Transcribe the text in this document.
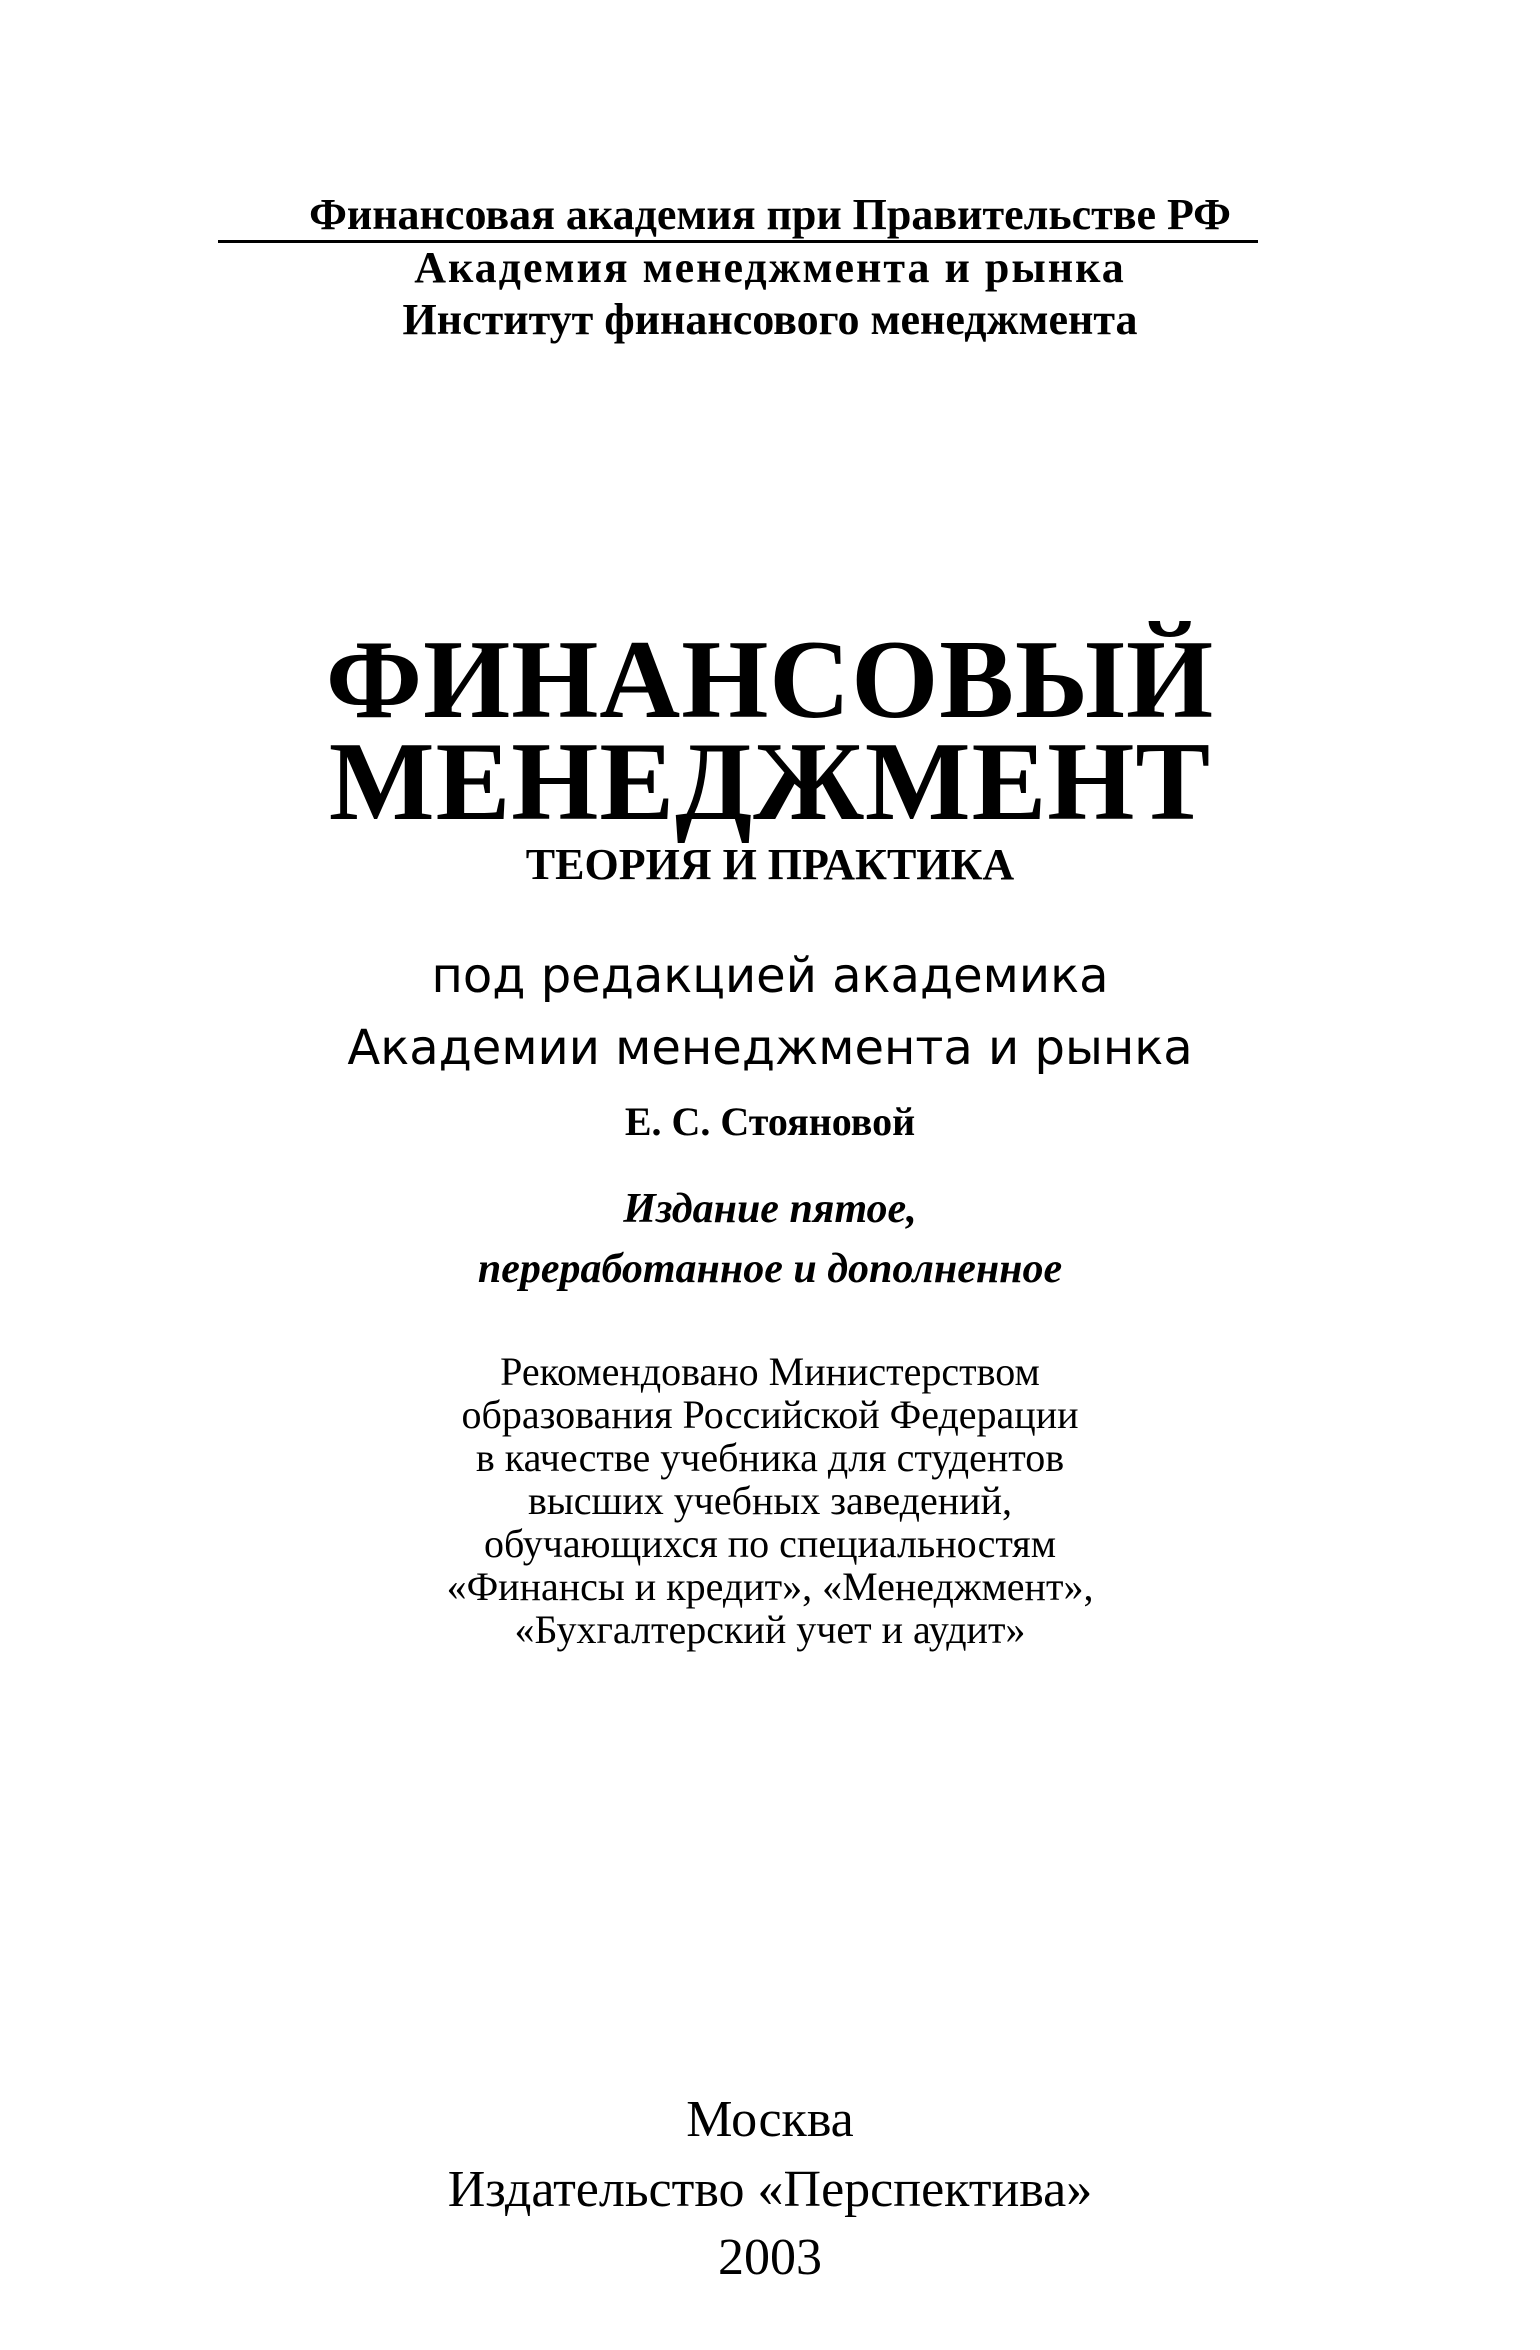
Финансовая академия при Правительстве РФ
Академия менеджмента и рынка
Институт финансового менеджмента
ФИНАНСОВЫЙ
МЕНЕДЖМЕНТ
ТЕОРИЯ И ПРАКТИКА
под редакцией академика
Академии менеджмента и рынка
Е. С. Стояновой
Издание пятое,
переработанное и дополненное
Рекомендовано Министерством
образования Российской Федерации
в качестве учебника для студентов
высших учебных заведений,
обучающихся по специальностям
«Финансы и кредит», «Менеджмент»,
«Бухгалтерский учет и аудит»
Москва
Издательство «Перспектива»
2003
